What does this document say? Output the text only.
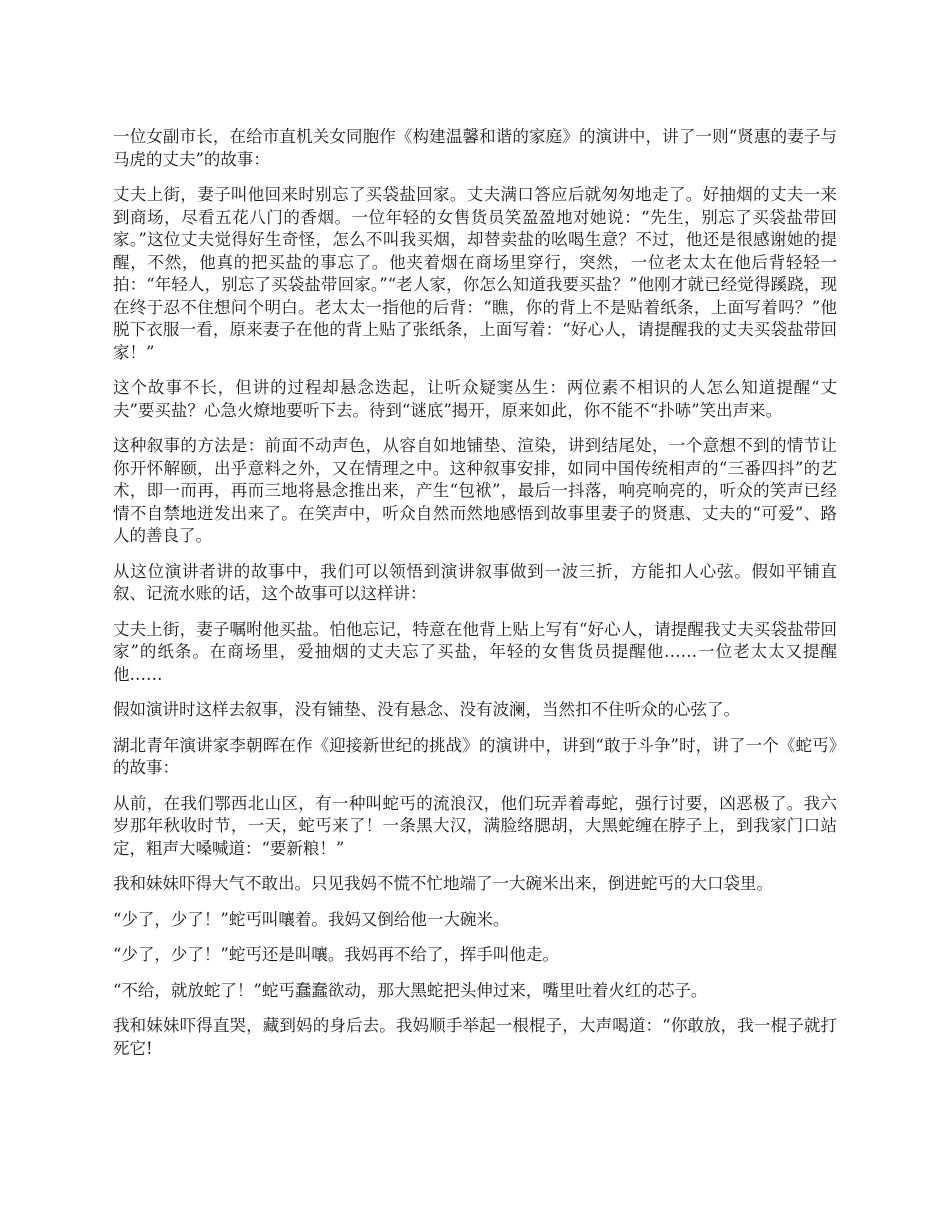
一位女副市长，在给市直机关女同胞作《构建温馨和谐的家庭》的演讲中，讲了一则“贤惠的妻子与马虎的丈夫”的故事：

丈夫上街，妻子叫他回来时别忘了买袋盐回家。丈夫满口答应后就匆匆地走了。好抽烟的丈夫一来到商场，尽看五花八门的香烟。一位年轻的女售货员笑盈盈地对她说：“先生，别忘了买袋盐带回家。”这位丈夫觉得好生奇怪，怎么不叫我买烟，却替卖盐的吆喝生意？不过，他还是很感谢她的提醒，不然，他真的把买盐的事忘了。他夹着烟在商场里穿行，突然，一位老太太在他后背轻轻一拍：“年轻人，别忘了买袋盐带回家。”“老人家，你怎么知道我要买盐？”他刚才就已经觉得蹊跷，现在终于忍不住想问个明白。老太太一指他的后背：“瞧，你的背上不是贴着纸条，上面写着吗？”他脱下衣服一看，原来妻子在他的背上贴了张纸条，上面写着：“好心人，请提醒我的丈夫买袋盐带回家！”

这个故事不长，但讲的过程却悬念迭起，让听众疑窦丛生：两位素不相识的人怎么知道提醒“丈夫”要买盐？心急火燎地要听下去。待到“谜底”揭开，原来如此，你不能不“扑哧”笑出声来。

这种叙事的方法是：前面不动声色，从容自如地铺垫、渲染，讲到结尾处，一个意想不到的情节让你开怀解颐，出乎意料之外，又在情理之中。这种叙事安排，如同中国传统相声的“三番四抖”的艺术，即一而再，再而三地将悬念推出来，产生“包袱”，最后一抖落，响亮响亮的，听众的笑声已经情不自禁地迸发出来了。在笑声中，听众自然而然地感悟到故事里妻子的贤惠、丈夫的“可爱”、路人的善良了。

从这位演讲者讲的故事中，我们可以领悟到演讲叙事做到一波三折，方能扣人心弦。假如平铺直叙、记流水账的话，这个故事可以这样讲：

丈夫上街，妻子嘱咐他买盐。怕他忘记，特意在他背上贴上写有“好心人，请提醒我丈夫买袋盐带回家”的纸条。在商场里，爱抽烟的丈夫忘了买盐，年轻的女售货员提醒他……一位老太太又提醒他……

假如演讲时这样去叙事，没有铺垫、没有悬念、没有波澜，当然扣不住听众的心弦了。

湖北青年演讲家李朝晖在作《迎接新世纪的挑战》的演讲中，讲到“敢于斗争”时，讲了一个《蛇丐》的故事：

从前，在我们鄂西北山区，有一种叫蛇丐的流浪汉，他们玩弄着毒蛇，强行讨要，凶恶极了。我六岁那年秋收时节，一天，蛇丐来了！一条黑大汉，满脸络腮胡，大黑蛇缠在脖子上，到我家门口站定，粗声大嗓喊道：“要新粮！”

我和妹妹吓得大气不敢出。只见我妈不慌不忙地端了一大碗米出来，倒进蛇丐的大口袋里。

“少了，少了！”蛇丐叫嚷着。我妈又倒给他一大碗米。

“少了，少了！”蛇丐还是叫嚷。我妈再不给了，挥手叫他走。

“不给，就放蛇了！”蛇丐蠢蠢欲动，那大黑蛇把头伸过来，嘴里吐着火红的芯子。

我和妹妹吓得直哭，藏到妈的身后去。我妈顺手举起一根棍子，大声喝道：“你敢放，我一棍子就打死它!
